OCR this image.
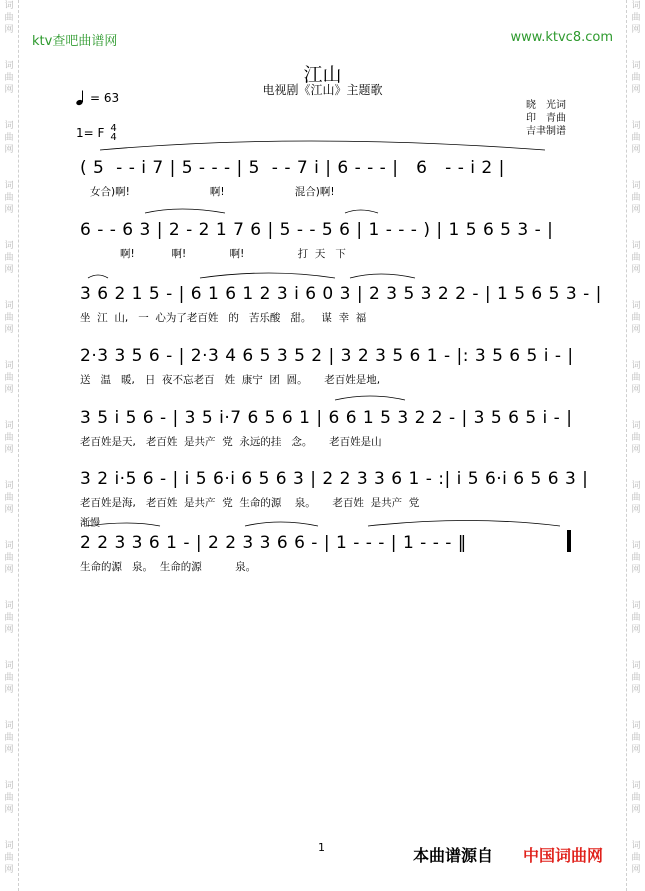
词
曲
网

词
曲
网

词
曲
网

词
曲
网

词
曲
网

词
曲
网

词
曲
网

词
曲
网

词
曲
网

词
曲
网

词
曲
网

词
曲
网

词
曲
网

词
曲
网

词
曲
网
词
曲
网

词
曲
网

词
曲
网

词
曲
网

词
曲
网

词
曲
网

词
曲
网

词
曲
网

词
曲
网

词
曲
网

词
曲
网

词
曲
网

词
曲
网

词
曲
网

词
曲
网
ktv查吧曲谱网	www.ktvc8.com
江山
电视剧《江山》主题歌
= 63
晓　光词
印　青曲
吉聿制谱
1= F 4
4
( 5  - - i 7 | 5 - - - | 5  - - 7 i | 6 - - - |   6   - - i 2 |
女合)啊!                        啊!                     混合)啊!
6 - - 6 3 | 2 - 2 1 7 6 | 5 - - 5 6 | 1 - - - ) | 1 5 6 5 3 - |
啊!           啊!             啊!                打  天   下
3 6 2 1 5 - | 6 1 6 1 2 3 i 6 0 3 | 2 3 5 3 2 2 - | 1 5 6 5 3 - |
坐  江  山,   一  心为了老百姓   的   苦乐酸   甜。   谋  幸  福
2·3 3 5 6 - | 2·3 4 6 5 3 5 2 | 3 2 3 5 6 1 - |: 3 5 6 5 i - |
送   温   暖,   日  夜不忘老百   姓  康宁  团  圆。     老百姓是地,
3 5 i 5 6 - | 3 5 i·7 6 5 6 1 | 6 6 1 5 3 2 2 - | 3 5 6 5 i - |
老百姓是天,   老百姓  是共产  党  永远的挂   念。     老百姓是山
3 2 i·5 6 - | i 5 6·i 6 5 6 3 | 2 2 3 3 6 1 - :| i 5 6·i 6 5 6 3 |
老百姓是海,   老百姓  是共产  党  生命的源    泉。     老百姓  是共产  党
渐慢
2 2 3 3 6 1 - | 2 2 3 3 6 6 - | 1 - - - | 1 - - - ‖
生命的源   泉。  生命的源          泉。
1	本曲谱源自 中国词曲网
